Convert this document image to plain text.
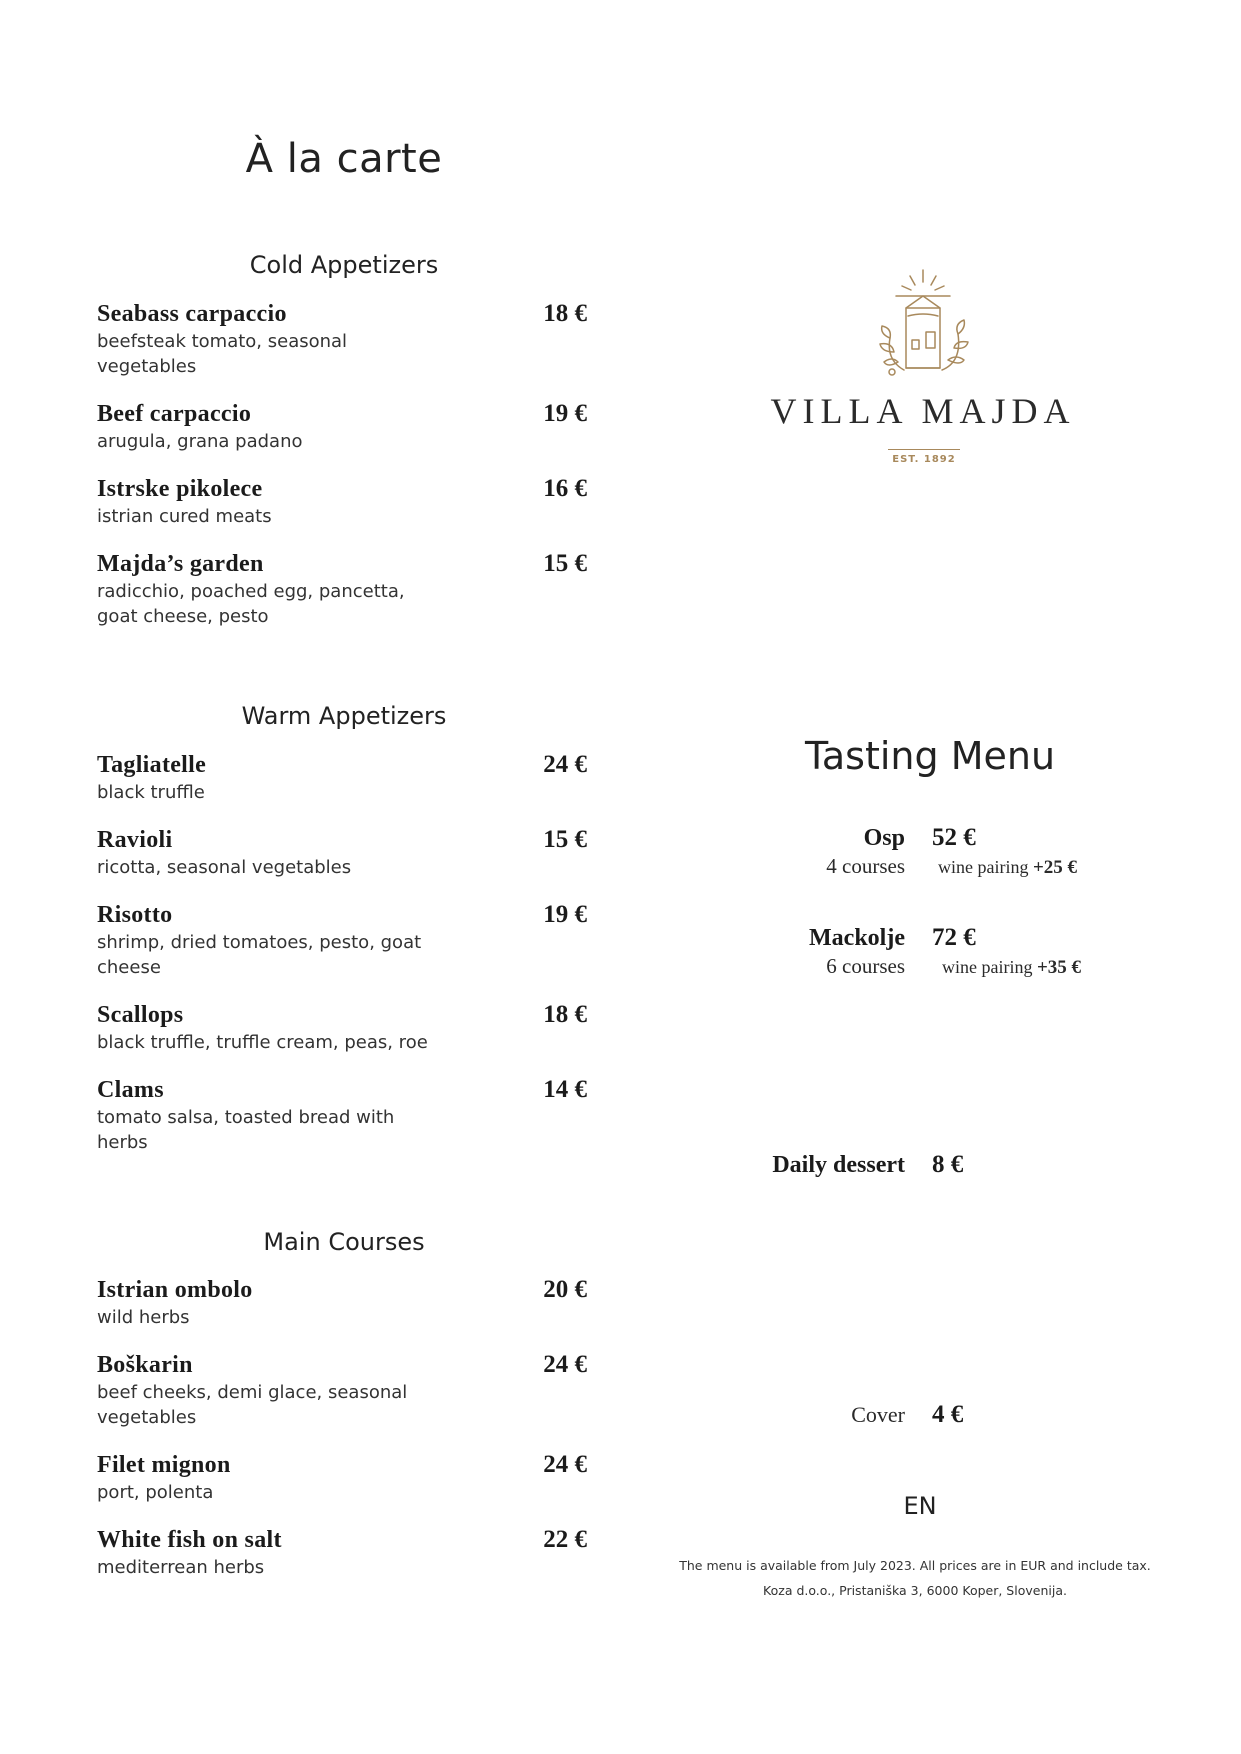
À la carte
Cold Appetizers
Seabass carpaccio	18 €
beefsteak tomato, seasonal vegetables
Beef carpaccio	19 €
arugula, grana padano
Istrske pikolece	16 €
istrian cured meats
Majda’s garden	15 €
radicchio, poached egg, pancetta, goat cheese, pesto
Warm Appetizers
Tagliatelle	24 €
black truffle
Ravioli	15 €
ricotta, seasonal vegetables
Risotto	19 €
shrimp, dried tomatoes, pesto, goat cheese
Scallops	18 €
black truffle, truffle cream, peas, roe
Clams	14 €
tomato salsa, toasted bread with herbs
Main Courses
Istrian ombolo	20 €
wild herbs
Boškarin	24 €
beef cheeks, demi glace, seasonal vegetables
Filet mignon	24 €
port, polenta
White fish on salt	22 €
mediterrean herbs
VILLA MAJDA
EST. 1892
Tasting Menu
Osp 52 €
4 courses wine pairing +25 €
Mackolje 72 €
6 courses wine pairing +35 €
Daily dessert 8 €
Cover 4 €
EN
The menu is available from July 2023. All prices are in EUR and include tax.
Koza d.o.o., Pristaniška 3, 6000 Koper, Slovenija.
